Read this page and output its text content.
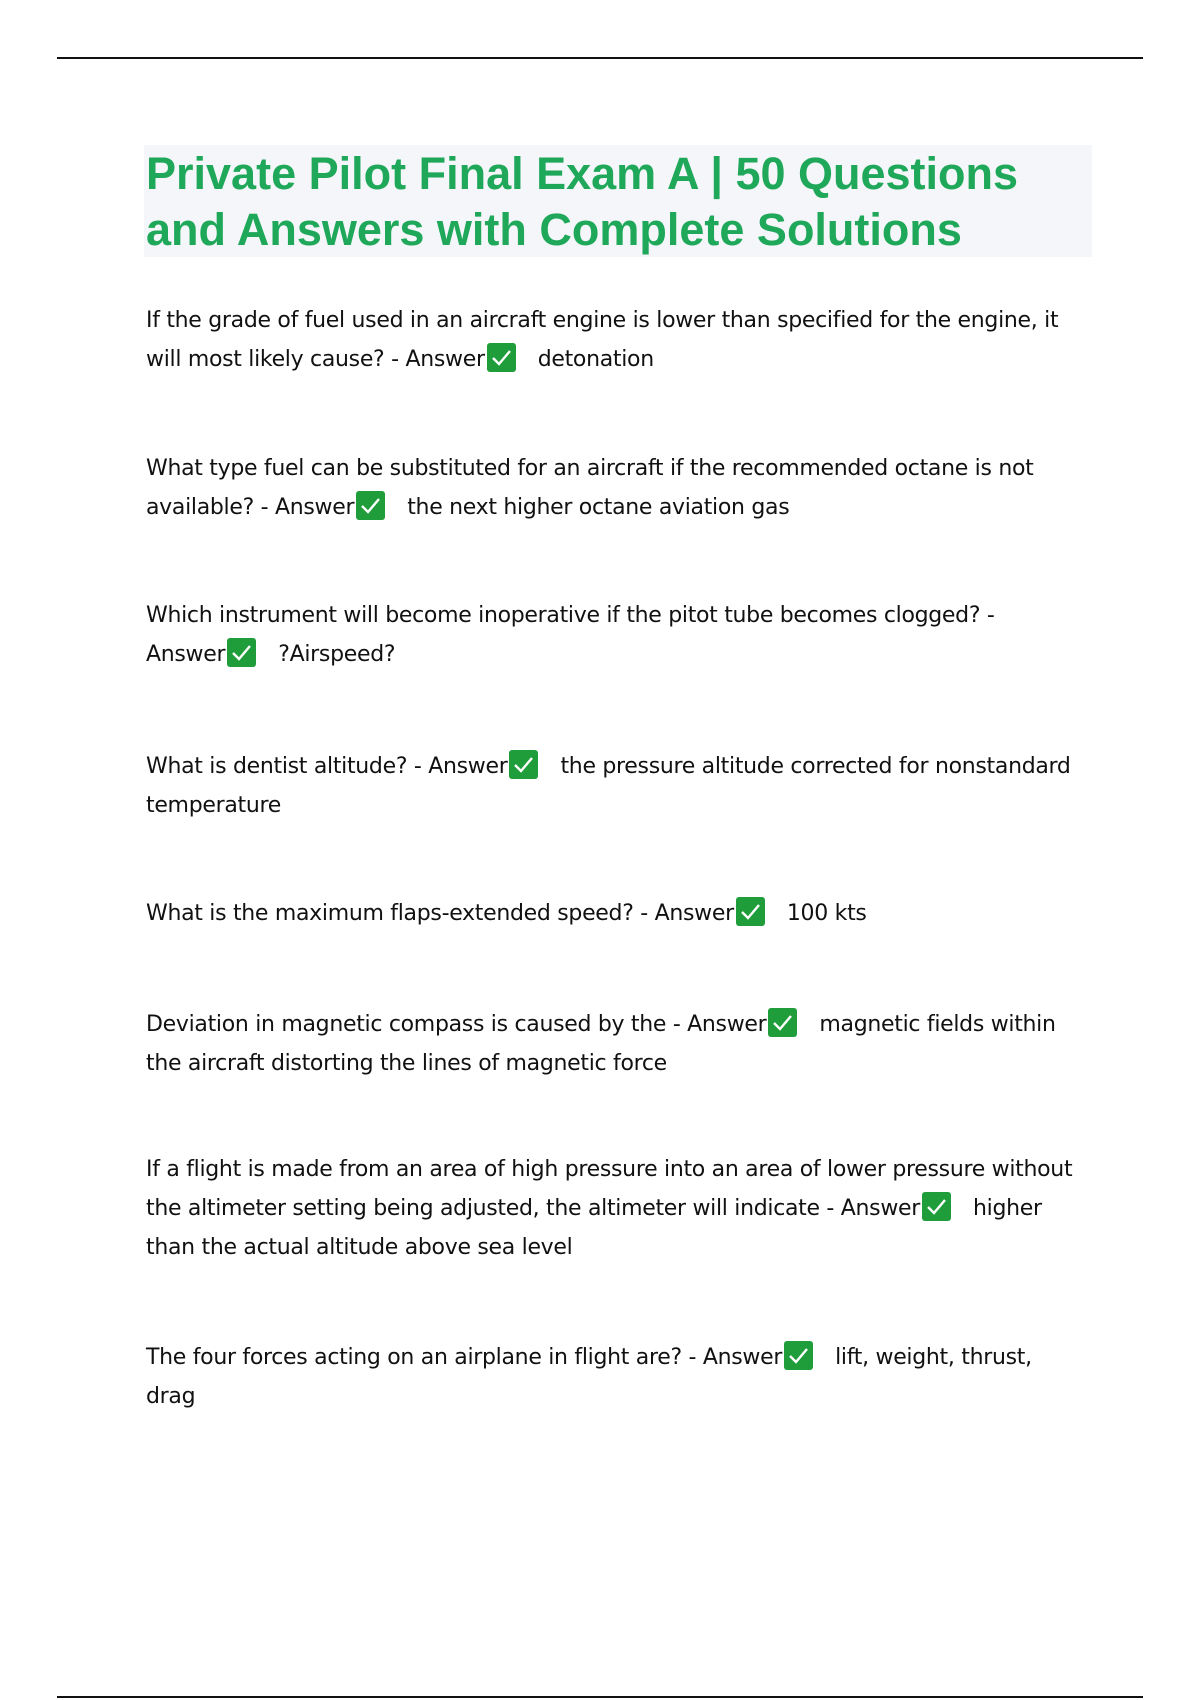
Private Pilot Final Exam A | 50 Questions and Answers with Complete Solutions

If the grade of fuel used in an aircraft engine is lower than specified for the engine, it will most likely cause? - Answer detonation

What type fuel can be substituted for an aircraft if the recommended octane is not available? - Answer the next higher octane aviation gas

Which instrument will become inoperative if the pitot tube becomes clogged? - Answer ?Airspeed?

What is dentist altitude? - Answer the pressure altitude corrected for nonstandard temperature

What is the maximum flaps-extended speed? - Answer 100 kts

Deviation in magnetic compass is caused by the - Answer magnetic fields within the aircraft distorting the lines of magnetic force

If a flight is made from an area of high pressure into an area of lower pressure without the altimeter setting being adjusted, the altimeter will indicate - Answer higher than the actual altitude above sea level

The four forces acting on an airplane in flight are? - Answer lift, weight, thrust, drag
